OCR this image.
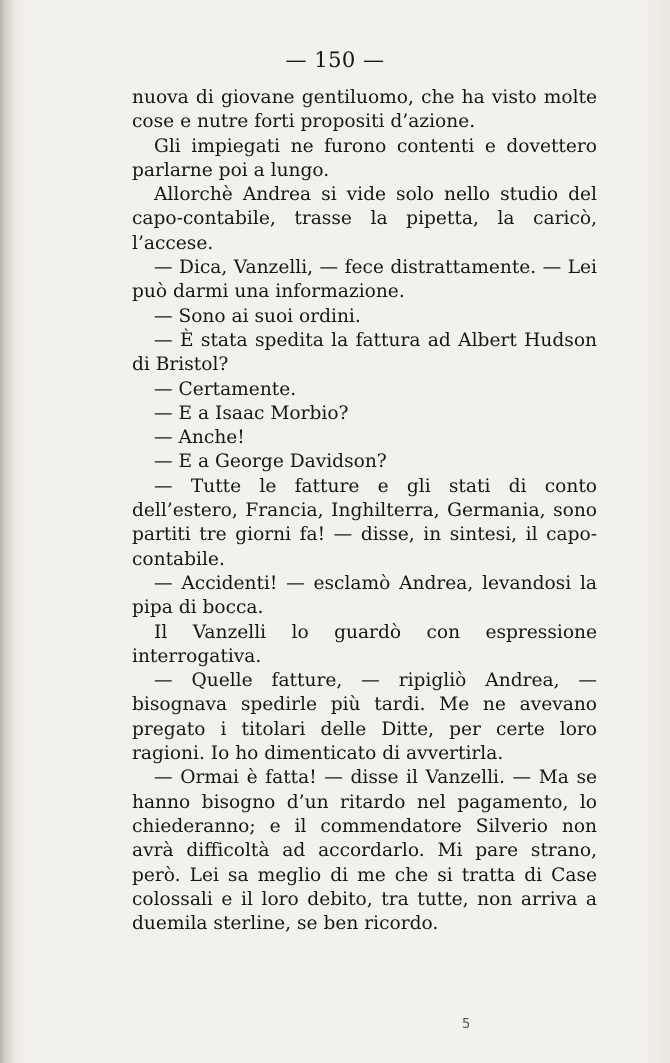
— 150 —

nuova di giovane gentiluomo, che ha visto molte cose e nutre forti propositi d’azione.

Gli impiegati ne furono contenti e dovettero parlarne poi a lungo.

Allorchè Andrea si vide solo nello studio del capo-contabile, trasse la pipetta, la caricò, l’accese.

— Dica, Vanzelli, — fece distrattamente. — Lei può darmi una informazione.

— Sono ai suoi ordini.

— È stata spedita la fattura ad Albert Hudson di Bristol?

— Certamente.

— E a Isaac Morbio?

— Anche!

— E a George Davidson?

— Tutte le fatture e gli stati di conto dell’estero, Francia, Inghilterra, Germania, sono partiti tre giorni fa! — disse, in sintesi, il capo-contabile.

— Accidenti! — esclamò Andrea, levandosi la pipa di bocca.

Il Vanzelli lo guardò con espressione interrogativa.

— Quelle fatture, — ripigliò Andrea, — bisognava spedirle più tardi. Me ne avevano pregato i titolari delle Ditte, per certe loro ragioni. Io ho dimenticato di avvertirla.

— Ormai è fatta! — disse il Vanzelli. — Ma se hanno bisogno d’un ritardo nel pagamento, lo chiederanno; e il commendatore Silverio non avrà difficoltà ad accordarlo. Mi pare strano, però. Lei sa meglio di me che si tratta di Case colossali e il loro debito, tra tutte, non arriva a duemila sterline, se ben ricordo.

5
